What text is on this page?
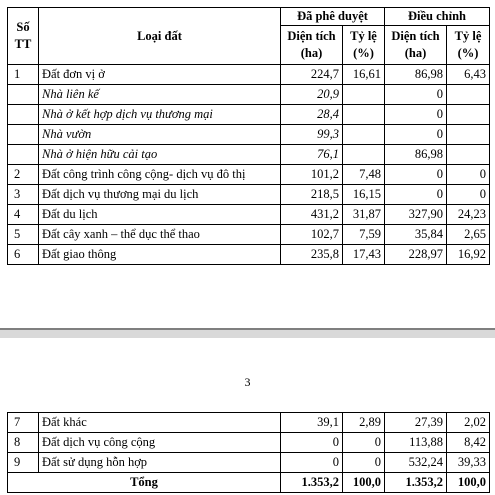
Số TT	Loại đất	Đã phê duyệt		Điều chỉnh	
		Diện tích (ha)	Tỷ lệ (%)	Diện tích (ha)	Tỷ lệ (%)
1	Đất đơn vị ở	224,7	16,61	86,98	6,43
	Nhà liên kế	20,9		0	
	Nhà ở kết hợp dịch vụ thương mại	28,4		0	
	Nhà vườn	99,3		0	
	Nhà ở hiện hữu cải tạo	76,1		86,98	
2	Đất công trình công cộng- dịch vụ đô thị	101,2	7,48	0	0
3	Đất dịch vụ thương mại du lịch	218,5	16,15	0	0
4	Đất du lịch	431,2	31,87	327,90	24,23
5	Đất cây xanh – thể dục thể thao	102,7	7,59	35,84	2,65
6	Đất giao thông	235,8	17,43	228,97	16,92
3
7	Đất khác	39,1	2,89	27,39	2,02
8	Đất dịch vụ công cộng	0	0	113,88	8,42
9	Đất sử dụng hỗn hợp	0	0	532,24	39,33
Tổng		1.353,2	100,0	1.353,2	100,0
